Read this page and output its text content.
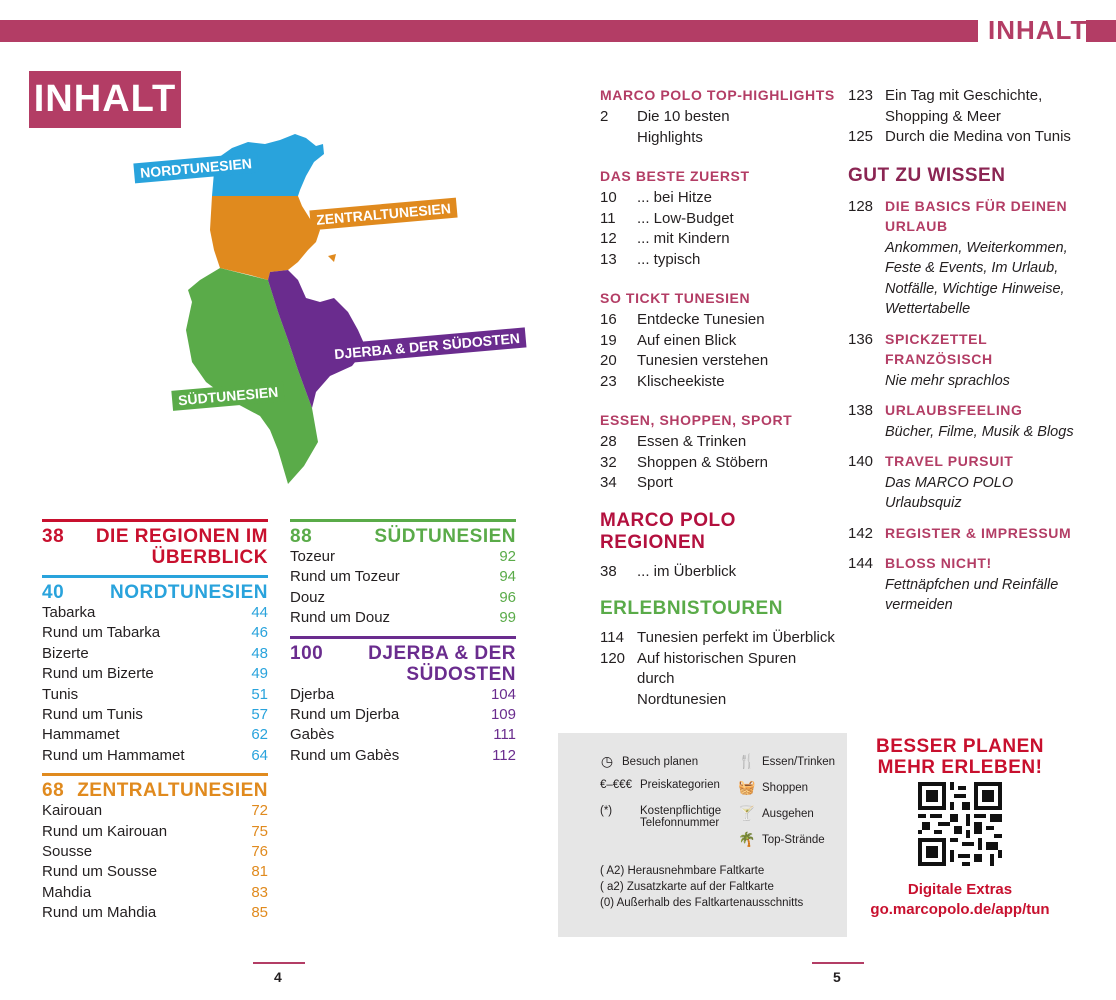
INHALT
INHALT
NORDTUNESIEN
ZENTRALTUNESIEN
SÜDTUNESIEN
DJERBA & DER SÜDOSTEN
38	DIE REGIONEN IM
ÜBERBLICK
40	NORDTUNESIEN
Tabarka	44
Rund um Tabarka	46
Bizerte	48
Rund um Bizerte	49
Tunis	51
Rund um Tunis	57
Hammamet	62
Rund um Hammamet	64
68 ZENTRALTUNESIEN
Kairouan	72
Rund um Kairouan	75
Sousse	76
Rund um Sousse	81
Mahdia	83
Rund um Mahdia	85
88	SÜDTUNESIEN
Tozeur	92
Rund um Tozeur	94
Douz	96
Rund um Douz	99
100	DJERBA & DER
SÜDOSTEN
Djerba	104
Rund um Djerba	109
Gabès	111
Rund um Gabès	112
MARCO POLO TOP-HIGHLIGHTS
2	Die 10 besten
Highlights
DAS BESTE ZUERST
10	... bei Hitze
11	... Low-Budget
12	... mit Kindern
13	... typisch
SO TICKT TUNESIEN
16	Entdecke Tunesien
19	Auf einen Blick
20	Tunesien verstehen
23	Klischeekiste
ESSEN, SHOPPEN, SPORT
28	Essen & Trinken
32	Shoppen & Stöbern
34	Sport
MARCO POLO REGIONEN
38	... im Überblick
ERLEBNISTOUREN
114 Tunesien perfekt im Überblick
120 Auf historischen Spuren durch
Nordtunesien
123 Ein Tag mit Geschichte,
Shopping & Meer
125 Durch die Medina von Tunis
GUT ZU WISSEN
128 DIE BASICS FÜR DEINEN
URLAUB
Ankommen, Weiterkommen,
Feste & Events, Im Urlaub,
Notfälle, Wichtige Hinweise,
Wettertabelle
136 SPICKZETTEL FRANZÖSISCH
Nie mehr sprachlos
138 URLAUBSFEELING
Bücher, Filme, Musik & Blogs
140 TRAVEL PURSUIT
Das MARCO POLO Urlaubsquiz
142 REGISTER & IMPRESSUM
144 BLOSS NICHT!
Fettnäpfchen und Reinfälle
vermeiden
◷ Besuch planen
€–€€€ Preiskategorien
(*)	Kostenpflichtige
Telefonnummer
🍴 Essen/Trinken
🧺 Shoppen
🍸 Ausgehen
🌴 Top-Strände
( A2) Herausnehmbare Faltkarte
( a2) Zusatzkarte auf der Faltkarte
(0) Außerhalb des Faltkartenausschnitts
BESSER PLANEN
MEHR ERLEBEN!
Digitale Extras
go.marcopolo.de/app/tun
4	5
